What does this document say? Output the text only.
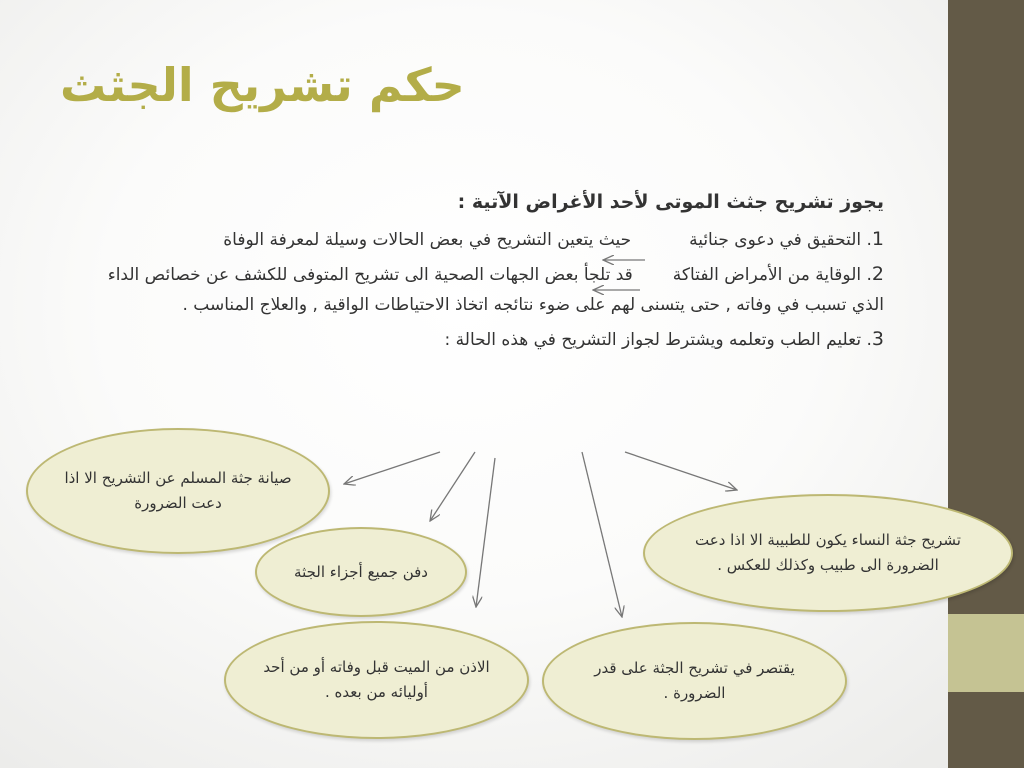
حكم تشريح الجثث

يجوز تشريح جثث الموتى لأحد الأغراض الآتية :

1. التحقيق في دعوى جنائيةحيث يتعين التشريح في بعض الحالات وسيلة لمعرفة الوفاة

2. الوقاية من الأمراض الفتاكةقد تلجأ بعض الجهات الصحية الى تشريح المتوفى للكشف عن خصائص الداء الذي تسبب في وفاته , حتى يتسنى لهم على ضوء نتائجه اتخاذ الاحتياطات الواقية , والعلاج المناسب .

3. تعليم الطب وتعلمه ويشترط لجواز التشريح في هذه الحالة :

صيانة جثة المسلم عن التشريح الا اذا دعت الضرورة
دفن جميع أجزاء الجثة
الاذن من الميت قبل وفاته أو من أحد أوليائه من بعده .
يقتصر في تشريح الجثة على قدر الضرورة .
تشريح جثة النساء يكون للطبيبة الا اذا دعت الضرورة الى طبيب وكذلك للعكس .
